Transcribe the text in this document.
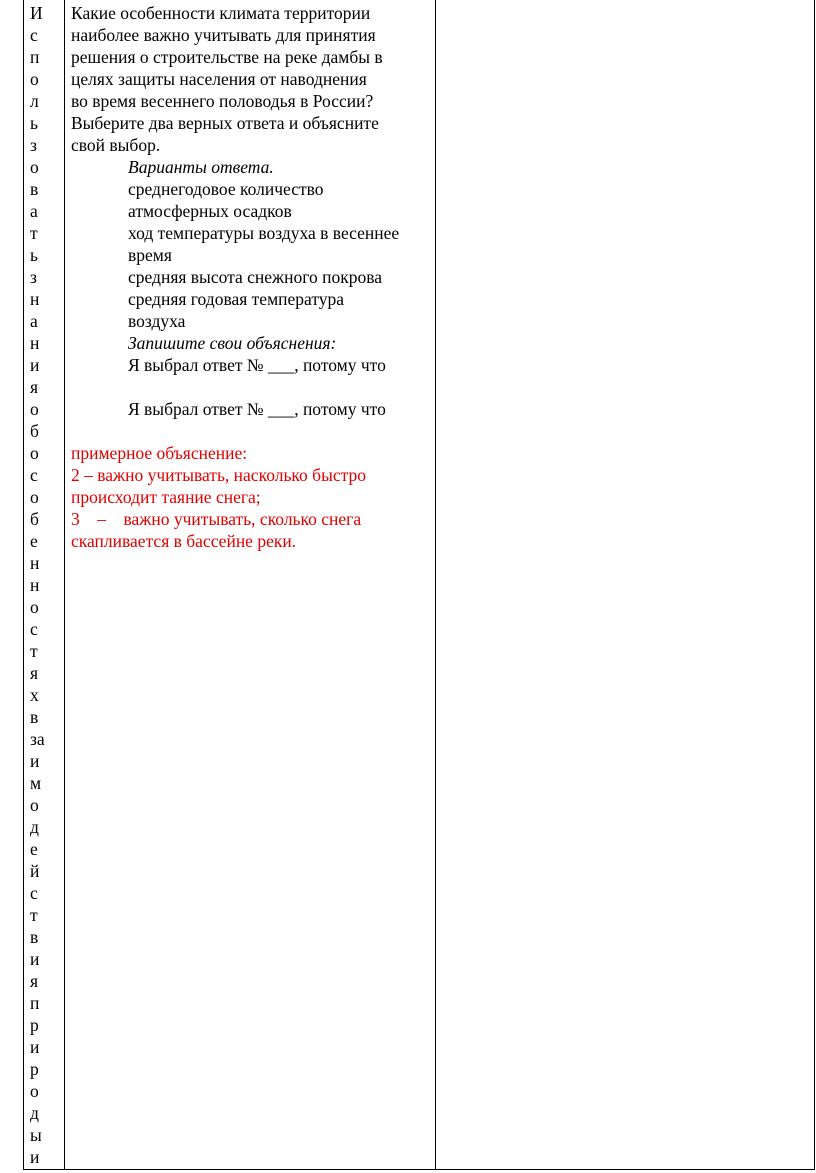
И
с
п
о
л
ь
з
о
в
а
т
ь
з
н
а
н
и
я
о
б
о
с
о
б
е
н
н
о
с
т
я
х
в
за
и
м
о
д
е
й
с
т
в
и
я
п
р
и
р
о
д
ы
и
Какие особенности климата территории
наиболее важно учитывать для принятия
решения о строительстве на реке дамбы в
целях защиты населения от наводнения
во время весеннего половодья в России?
Выберите два верных ответа и объясните
свой выбор.
Варианты ответа.
среднегодовое количество
атмосферных осадков
ход температуры воздуха в весеннее
время
средняя высота снежного покрова
средняя годовая температура
воздуха
Запишите свои объяснения:
Я выбрал ответ № ___, потому что
Я выбрал ответ № ___, потому что
примерное объяснение:
2 – важно учитывать, насколько быстро
происходит таяние снега;
3    –    важно учитывать, сколько снега
скапливается в бассейне реки.
